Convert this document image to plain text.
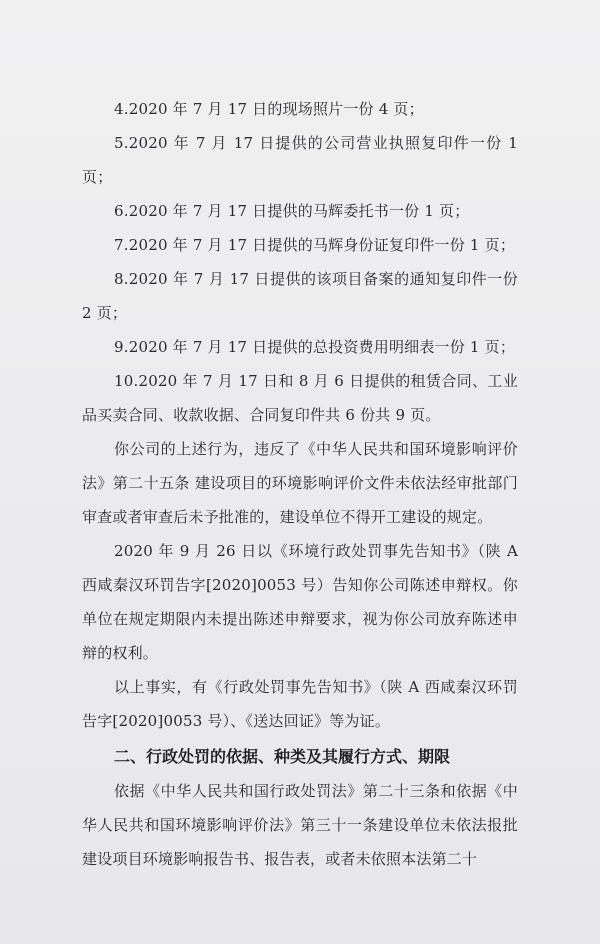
4.2020 年 7 月 17 日的现场照片一份 4 页；

5.2020 年 7 月 17 日提供的公司营业执照复印件一份 1 页；

6.2020 年 7 月 17 日提供的马辉委托书一份 1 页；

7.2020 年 7 月 17 日提供的马辉身份证复印件一份 1 页；

8.2020 年 7 月 17 日提供的该项目备案的通知复印件一份 2 页；

9.2020 年 7 月 17 日提供的总投资费用明细表一份 1 页；

10.2020 年 7 月 17 日和 8 月 6 日提供的租赁合同、工业品买卖合同、收款收据、合同复印件共 6 份共 9 页。

你公司的上述行为，违反了《中华人民共和国环境影响评价法》第二十五条 建设项目的环境影响评价文件未依法经审批部门审查或者审查后未予批准的，建设单位不得开工建设的规定。

2020 年 9 月 26 日以《环境行政处罚事先告知书》（陕 A 西咸秦汉环罚告字[2020]0053 号）告知你公司陈述申辩权。你单位在规定期限内未提出陈述申辩要求，视为你公司放弃陈述申辩的权利。

以上事实，有《行政处罚事先告知书》（陕 A 西咸秦汉环罚告字[2020]0053 号）、《送达回证》等为证。

二、行政处罚的依据、种类及其履行方式、期限

依据《中华人民共和国行政处罚法》第二十三条和依据《中华人民共和国环境影响评价法》第三十一条建设单位未依法报批建设项目环境影响报告书、报告表，或者未依照本法第二十
